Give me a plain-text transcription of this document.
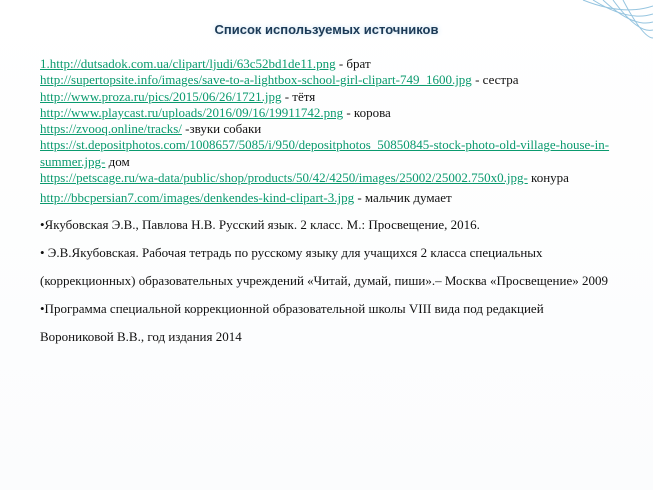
Список используемых источников
1.http://dutsadok.com.ua/clipart/ljudi/63c52bd1de11.png - брат
http://supertopsite.info/images/save-to-a-lightbox-school-girl-clipart-749_1600.jpg - сестра
http://www.proza.ru/pics/2015/06/26/1721.jpg - тётя
http://www.playcast.ru/uploads/2016/09/16/19911742.png - корова
https://zvooq.online/tracks/ -звуки собаки
https://st.depositphotos.com/1008657/5085/i/950/depositphotos_50850845-stock-photo-old-village-house-in-summer.jpg- дом
https://petscage.ru/wa-data/public/shop/products/50/42/4250/images/25002/25002.750x0.jpg- конура
http://bbcpersian7.com/images/denkendes-kind-clipart-3.jpg - мальчик думает
•Якубовская Э.В., Павлова Н.В. Русский язык. 2 класс. М.: Просвещение, 2016.
• Э.В.Якубовская. Рабочая тетрадь по русскому языку для учащихся 2 класса специальных (коррекционных) образовательных учреждений «Читай, думай, пиши».– Москва «Просвещение» 2009
•Программа специальной коррекционной образовательной школы VIII вида под редакцией Ворониковой В.В., год издания 2014
